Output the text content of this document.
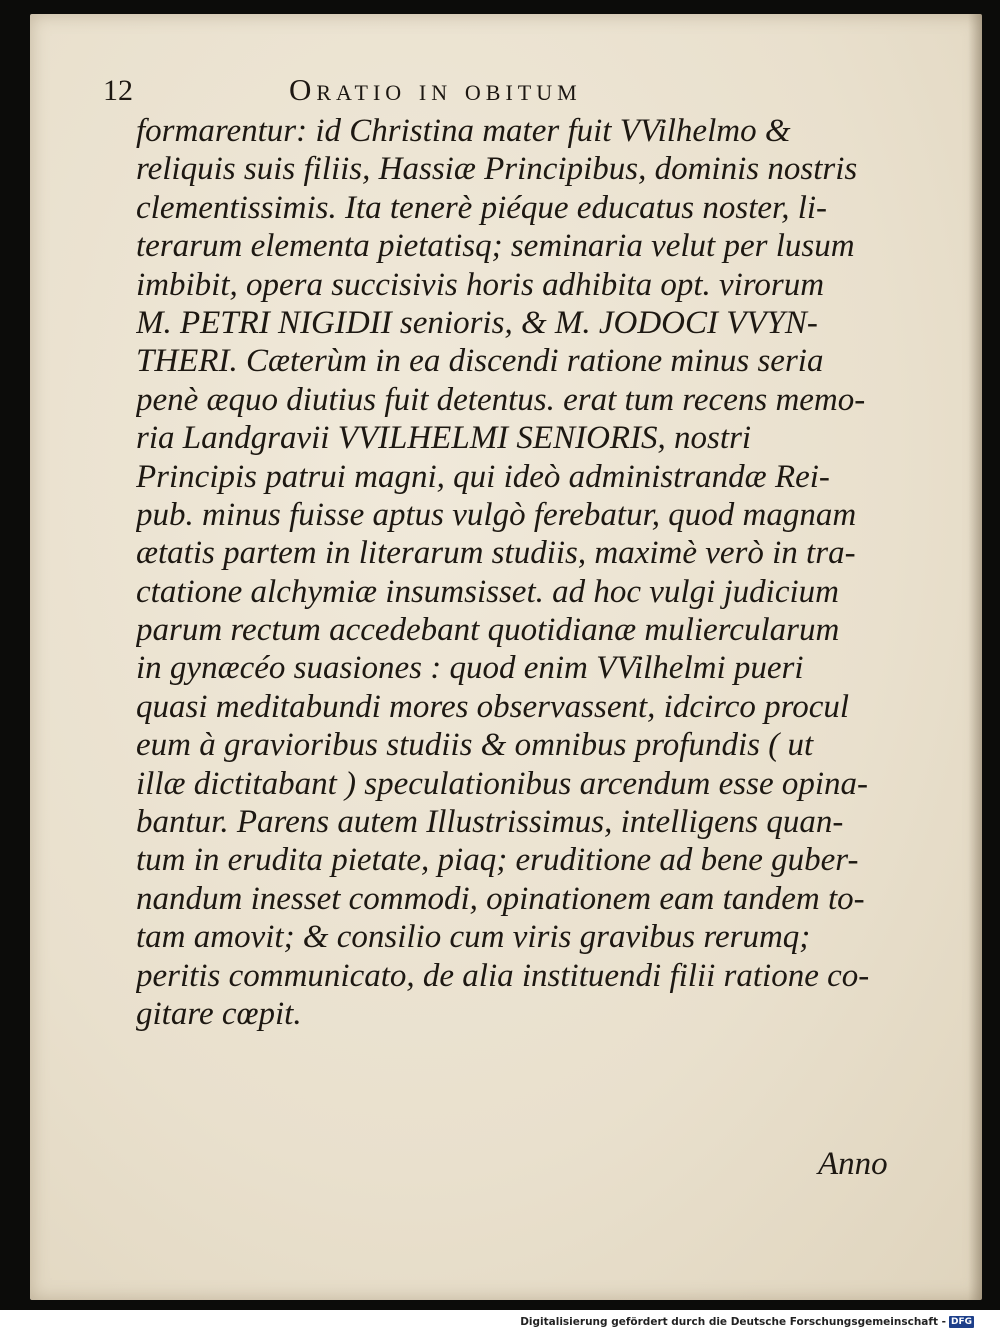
12	Oratio in obitum
formarentur: id Christina mater fuit VVilhelmo &
reliquis suis filiis, Hassiæ Principibus, dominis nostris
clementissimis. Ita tenerè piéque educatus noster, li-
terarum elementa pietatisq; seminaria velut per lusum
imbibit, opera succisivis horis adhibita opt. virorum
M. PETRI NIGIDII senioris, & M. JODOCI VVYN-
THERI. Cæterùm in ea discendi ratione minus seria
penè æquo diutius fuit detentus. erat tum recens memo-
ria Landgravii VVILHELMI SENIORIS, nostri
Principis patrui magni, qui ideò administrandæ Rei-
pub. minus fuisse aptus vulgò ferebatur, quod magnam
ætatis partem in literarum studiis, maximè verò in tra-
ctatione alchymiæ insumsisset. ad hoc vulgi judicium
parum rectum accedebant quotidianæ muliercularum
in gynæcéo suasiones : quod enim VVilhelmi pueri
quasi meditabundi mores observassent, idcirco procul
eum à gravioribus studiis & omnibus profundis ( ut
illæ dictitabant ) speculationibus arcendum esse opina-
bantur. Parens autem Illustrissimus, intelligens quan-
tum in erudita pietate, piaq; eruditione ad bene guber-
nandum inesset commodi, opinationem eam tandem to-
tam amovit; & consilio cum viris gravibus rerumq;
peritis communicato, de alia instituendi filii ratione co-
gitare cœpit.
Anno
Digitalisierung gefördert durch die Deutsche Forschungsgemeinschaft - DFG
